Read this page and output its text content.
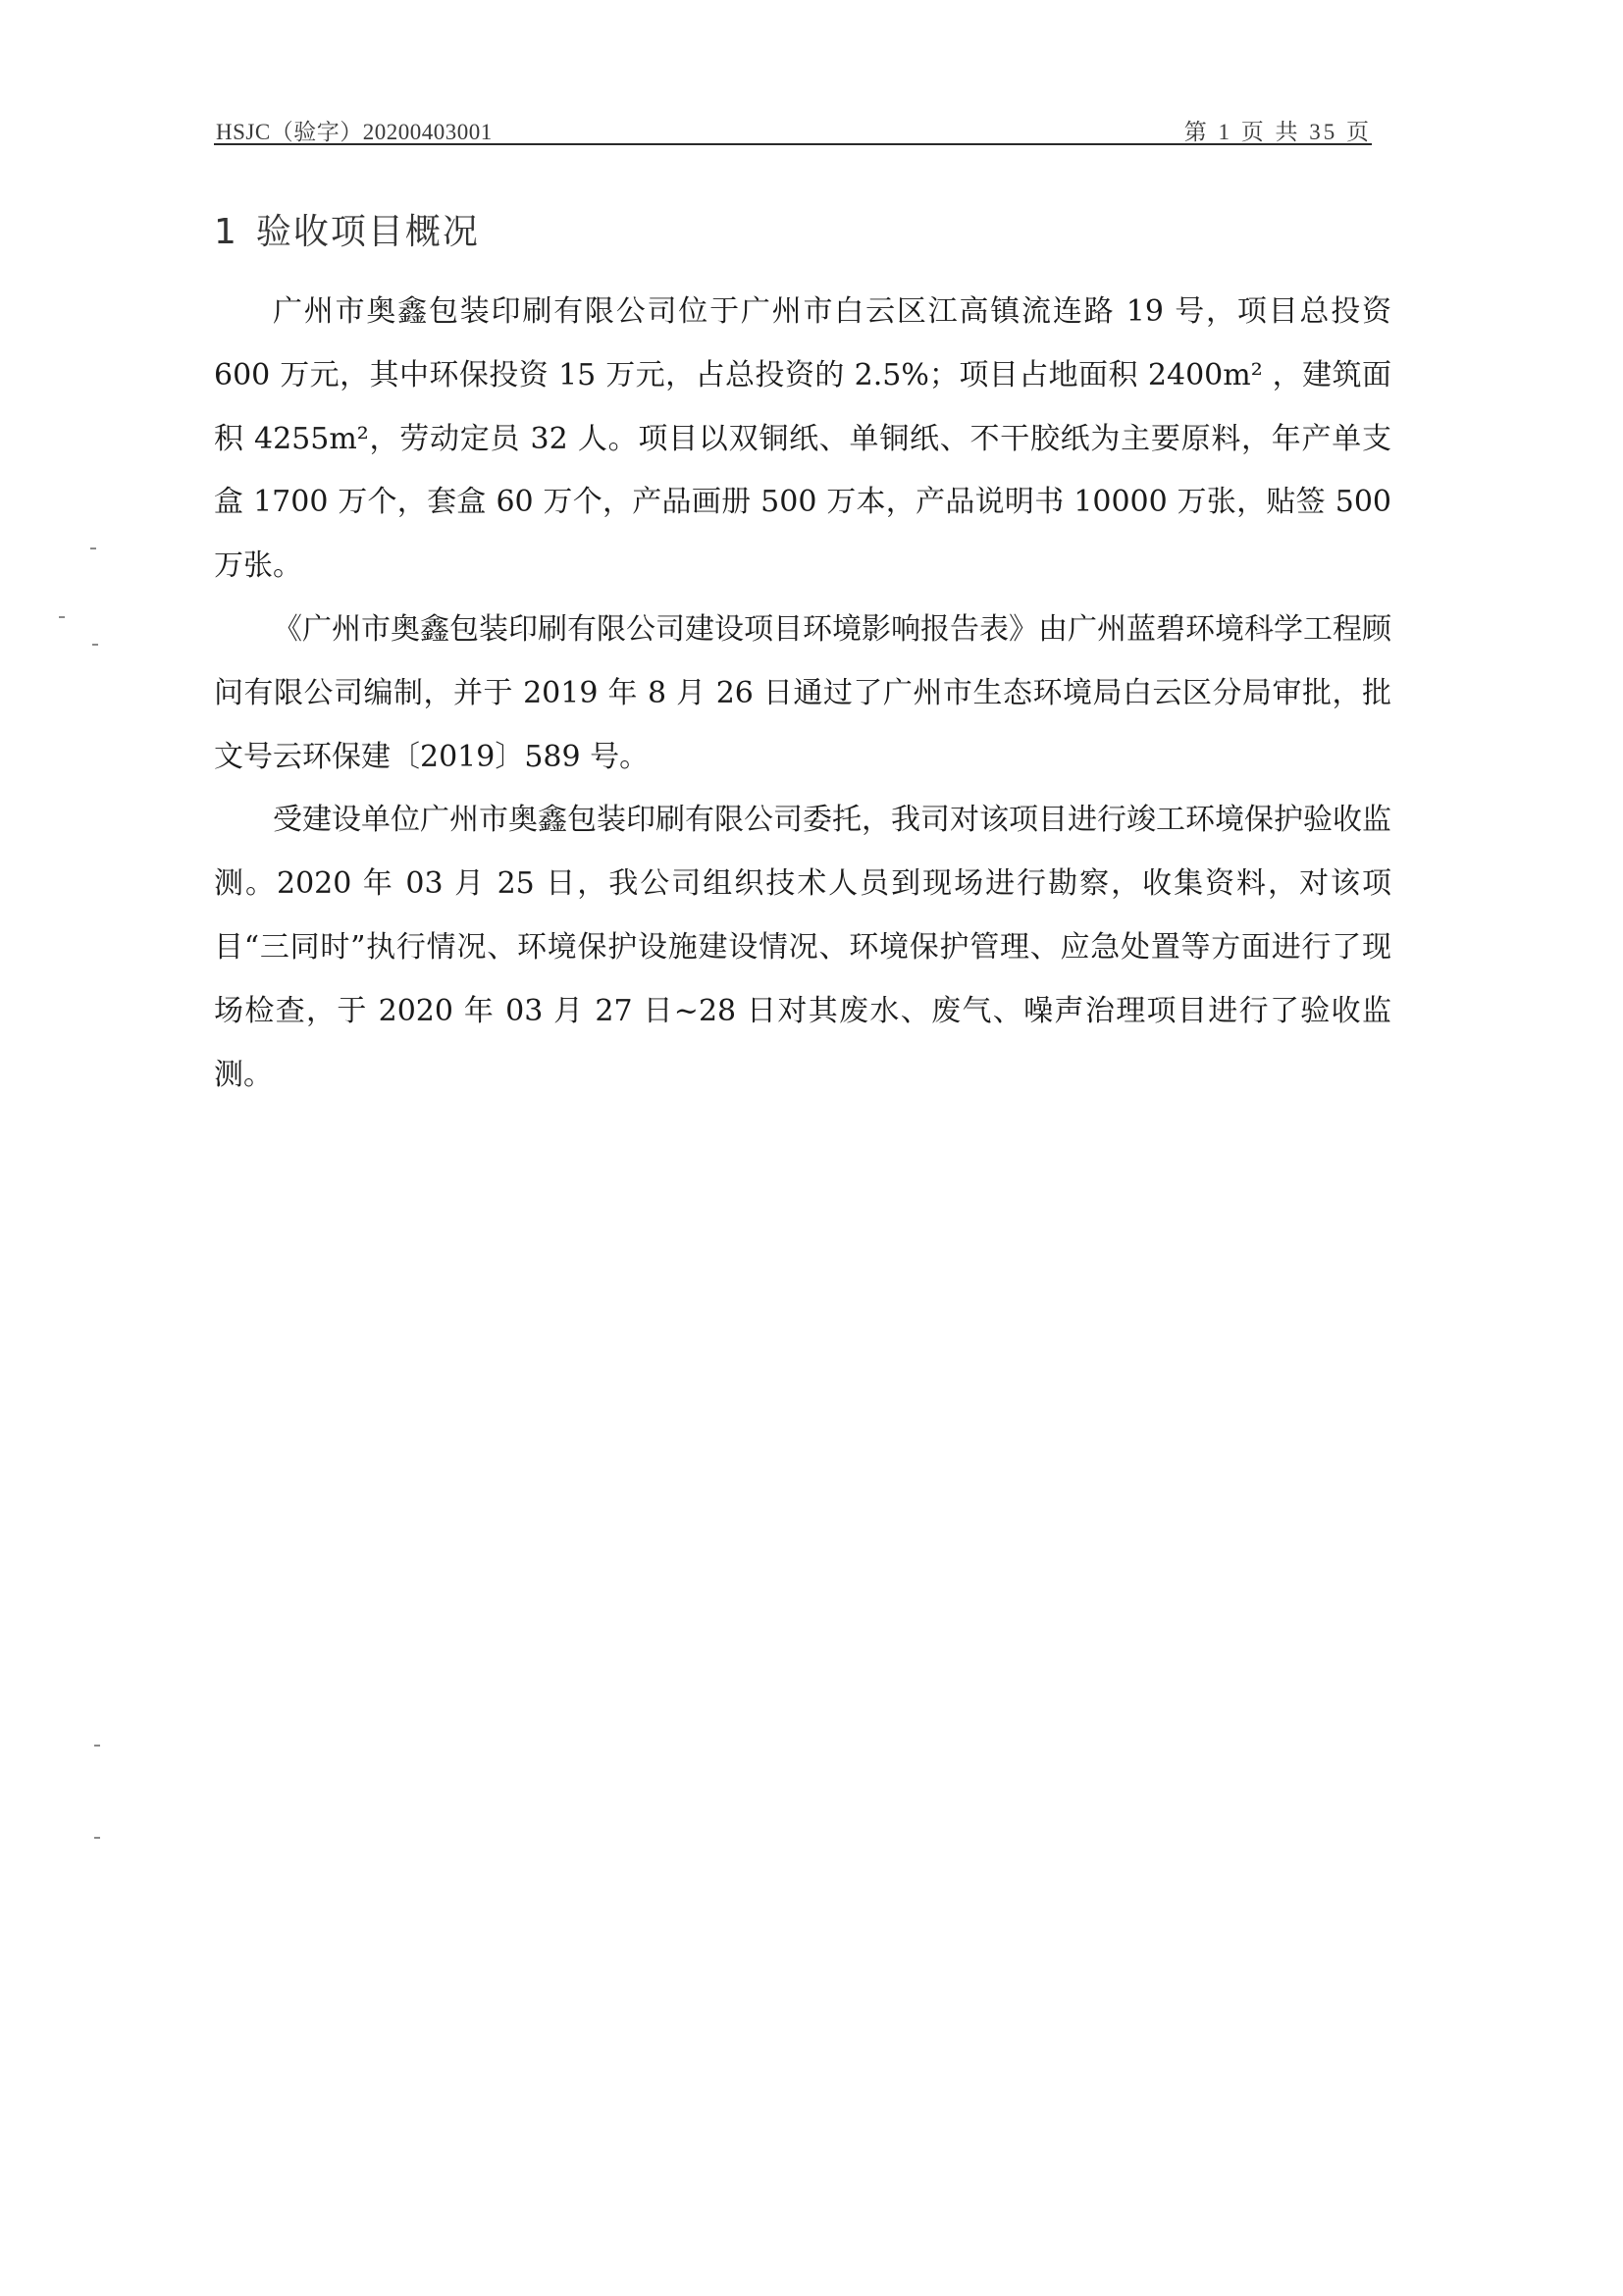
HSJC（验字）20200403001	第 1 页 共 35 页
1 验收项目概况

广州市奥鑫包装印刷有限公司位于广州市白云区江高镇流连路 19 号，项目总投资 600 万元，其中环保投资 15 万元，占总投资的 2.5%；项目占地面积 2400m² ，建筑面积 4255m²，劳动定员 32 人。项目以双铜纸、单铜纸、不干胶纸为主要原料，年产单支盒 1700 万个，套盒 60 万个，产品画册 500 万本，产品说明书 10000 万张，贴签 500 万张。

《广州市奥鑫包装印刷有限公司建设项目环境影响报告表》由广州蓝碧环境科学工程顾问有限公司编制，并于 2019 年 8 月 26 日通过了广州市生态环境局白云区分局审批，批文号云环保建〔2019〕589 号。

受建设单位广州市奥鑫包装印刷有限公司委托，我司对该项目进行竣工环境保护验收监测。2020 年 03 月 25 日，我公司组织技术人员到现场进行勘察，收集资料，对该项目“三同时”执行情况、环境保护设施建设情况、环境保护管理、应急处置等方面进行了现场检查，于 2020 年 03 月 27 日~28 日对其废水、废气、噪声治理项目进行了验收监测。
